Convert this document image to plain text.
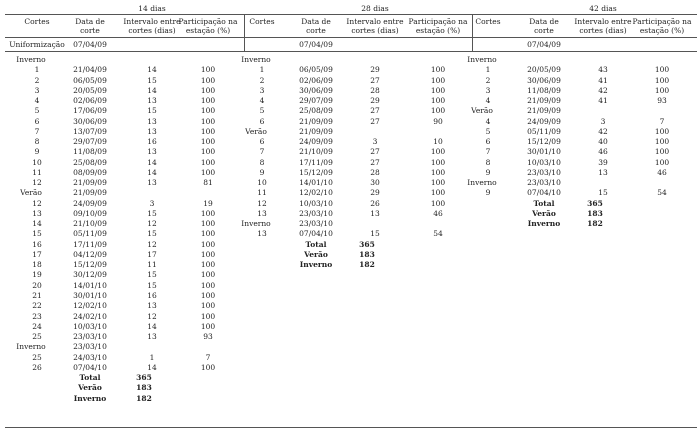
14 dias
Cortes	Data de corte
Intervalo entre cortes (dias)
Participação na estação (%)
Uniformização	07/04/09
Inverno
1	21/04/09	14	100
2	06/05/09	15	100
3	20/05/09	14	100
4	02/06/09	13	100
5	17/06/09	15	100
6	30/06/09	13	100
7	13/07/09	13	100
8	29/07/09	16	100
9	11/08/09	13	100
10	25/08/09	14	100
11	08/09/09	14	100
12	21/09/09	13	81
Verão	21/09/09
12	24/09/09	3	19
13	09/10/09	15	100
14	21/10/09	12	100
15	05/11/09	15	100
16	17/11/09	12	100
17	04/12/09	17	100
18	15/12/09	11	100
19	30/12/09	15	100
20	14/01/10	15	100
21	30/01/10	16	100
22	12/02/10	13	100
23	24/02/10	12	100
24	10/03/10	14	100
25	23/03/10	13	93
Inverno	23/03/10
25	24/03/10	1	7
26	07/04/10	14	100
Total	365
Verão	183
Inverno	182
28 dias
Cortes	Data de corte
Intervalo entre cortes (dias)
Participação na estação (%)
07/04/09
Inverno
1	06/05/09	29	100
2	02/06/09	27	100
3	30/06/09	28	100
4	29/07/09	29	100
5	25/08/09	27	100
6	21/09/09	27	90
Verão	21/09/09
6	24/09/09	3	10
7	21/10/09	27	100
8	17/11/09	27	100
9	15/12/09	28	100
10	14/01/10	30	100
11	12/02/10	29	100
12	10/03/10	26	100
13	23/03/10	13	46
Inverno	23/03/10
13	07/04/10	15	54
Total	365
Verão	183
Inverno	182
42 dias
Cortes	Data de corte
Intervalo entre cortes (dias)
Participação na estação (%)
07/04/09
Inverno
1	20/05/09	43	100
2	30/06/09	41	100
3	11/08/09	42	100
4	21/09/09	41	93
Verão	21/09/09
4	24/09/09	3	7
5	05/11/09	42	100
6	15/12/09	40	100
7	30/01/10	46	100
8	10/03/10	39	100
9	23/03/10	13	46
Inverno	23/03/10
9	07/04/10	15	54
Total	365
Verão	183
Inverno	182
